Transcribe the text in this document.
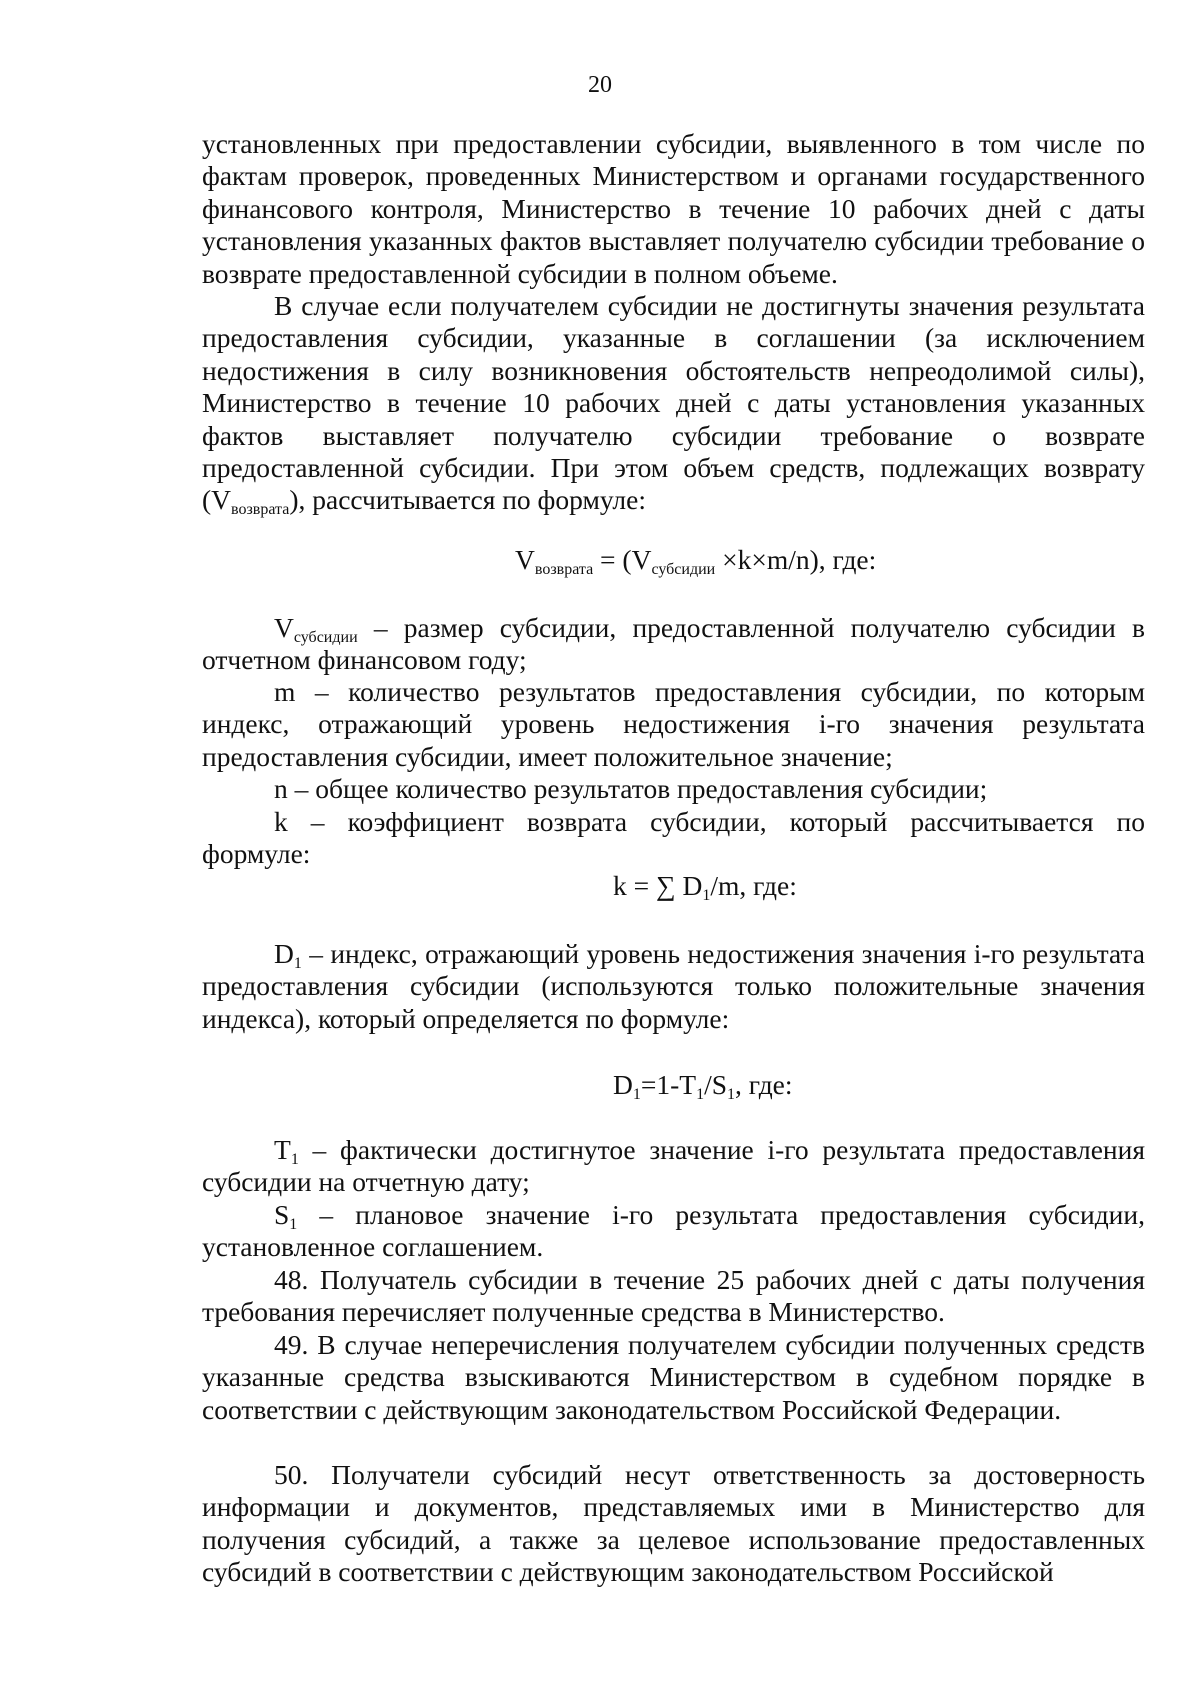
20

установленных при предоставлении субсидии, выявленного в том числе по фактам проверок, проведенных Министерством и органами государственного финансового контроля, Министерство в течение 10 рабочих дней с даты установления указанных фактов выставляет получателю субсидии требование о возврате предоставленной субсидии в полном объеме.

В случае если получателем субсидии не достигнуты значения результата предоставления субсидии, указанные в соглашении (за исключением недостижения в силу возникновения обстоятельств непреодолимой силы), Министерство в течение 10 рабочих дней с даты установления указанных фактов выставляет получателю субсидии требование о возврате предоставленной субсидии. При этом объем средств, подлежащих возврату $(V_{возврата})$, рассчитывается по формуле:

$V_{возврата} = (V_{субсидии} \times k\times m/n)$, где:

$V_{субсидии}$ – размер субсидии, предоставленной получателю субсидии в отчетном финансовом году;

m – количество результатов предоставления субсидии, по которым индекс, отражающий уровень недостижения i-го значения результата предоставления субсидии, имеет положительное значение;

n – общее количество результатов предоставления субсидии;

k – коэффициент возврата субсидии, который рассчитывается по формуле:

k = ∑ $D_1/m$, где:

$D_1$ – индекс, отражающий уровень недостижения значения i-го результата предоставления субсидии (используются только положительные значения индекса), который определяется по формуле:

$D_1=1-T_1/S_1$, где:

$T_1$ – фактически достигнутое значение i-го результата предоставления субсидии на отчетную дату;

$S_1$ – плановое значение i-го результата предоставления субсидии, установленное соглашением.

48. Получатель субсидии в течение 25 рабочих дней с даты получения требования перечисляет полученные средства в Министерство.

49. В случае неперечисления получателем субсидии полученных средств указанные средства взыскиваются Министерством в судебном порядке в соответствии с действующим законодательством Российской Федерации.

50. Получатели субсидий несут ответственность за достоверность информации и документов, представляемых ими в Министерство для получения субсидий, а также за целевое использование предоставленных субсидий в соответствии с действующим законодательством Российской
